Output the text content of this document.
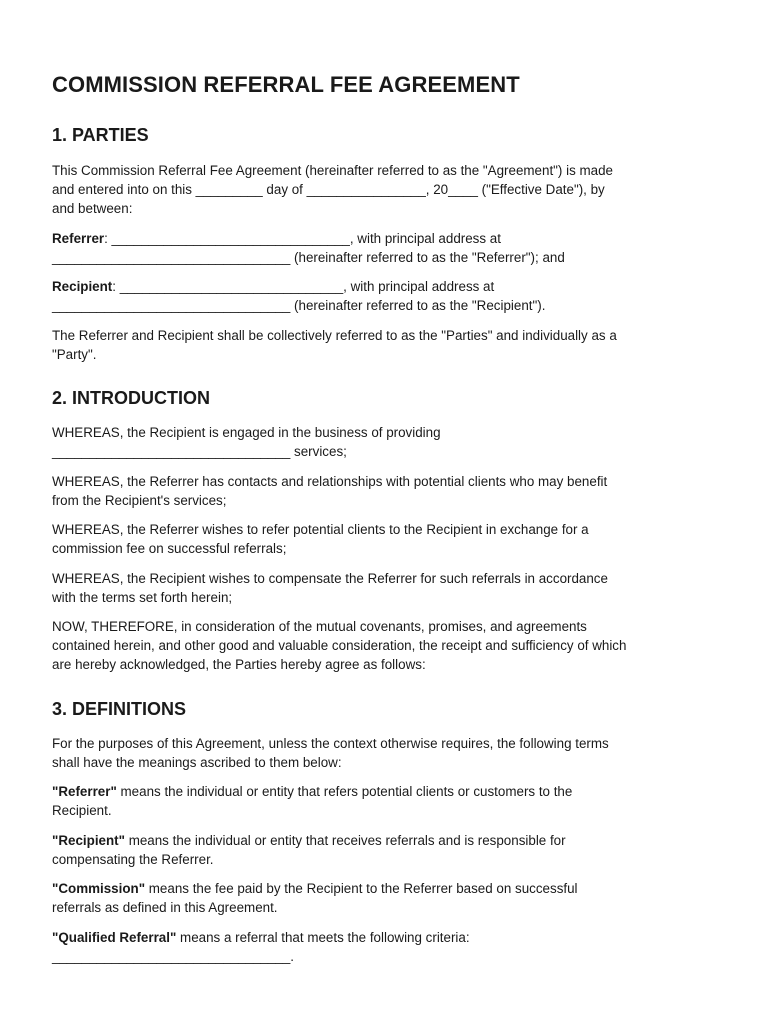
COMMISSION REFERRAL FEE AGREEMENT
1. PARTIES

This Commission Referral Fee Agreement (hereinafter referred to as the "Agreement") is made

and entered into on this _________ day of ________________, 20____ ("Effective Date"), by

and between:

Referrer: ________________________________, with principal address at

________________________________ (hereinafter referred to as the "Referrer"); and

Recipient: ______________________________, with principal address at

________________________________ (hereinafter referred to as the "Recipient").

The Referrer and Recipient shall be collectively referred to as the "Parties" and individually as a

"Party".

2. INTRODUCTION

WHEREAS, the Recipient is engaged in the business of providing

________________________________ services;

WHEREAS, the Referrer has contacts and relationships with potential clients who may benefit

from the Recipient's services;

WHEREAS, the Referrer wishes to refer potential clients to the Recipient in exchange for a

commission fee on successful referrals;

WHEREAS, the Recipient wishes to compensate the Referrer for such referrals in accordance

with the terms set forth herein;

NOW, THEREFORE, in consideration of the mutual covenants, promises, and agreements

contained herein, and other good and valuable consideration, the receipt and sufficiency of which

are hereby acknowledged, the Parties hereby agree as follows:

3. DEFINITIONS

For the purposes of this Agreement, unless the context otherwise requires, the following terms

shall have the meanings ascribed to them below:

"Referrer" means the individual or entity that refers potential clients or customers to the

Recipient.

"Recipient" means the individual or entity that receives referrals and is responsible for

compensating the Referrer.

"Commission" means the fee paid by the Recipient to the Referrer based on successful

referrals as defined in this Agreement.

"Qualified Referral" means a referral that meets the following criteria:

________________________________.
